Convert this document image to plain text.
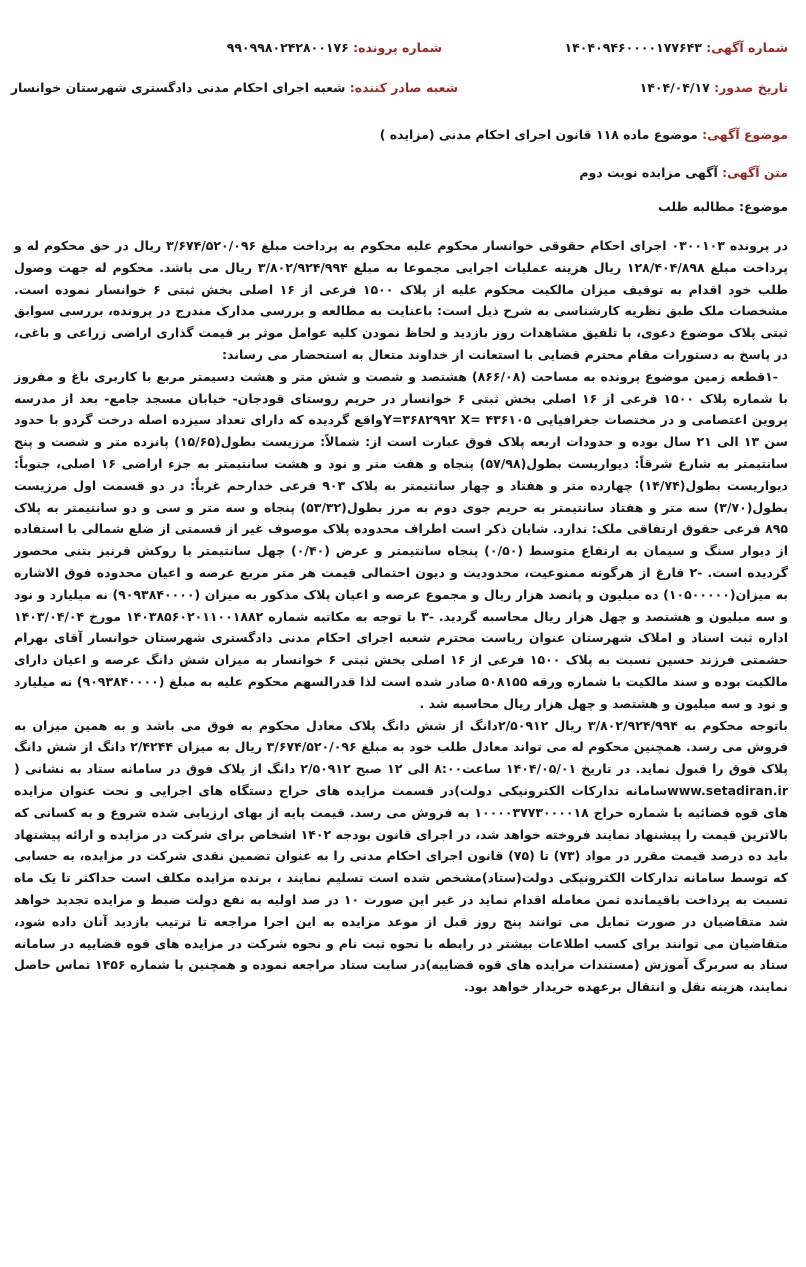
شماره آگهی: ۱۴۰۴۰۹۴۶۰۰۰۰۱۷۷۶۴۳
شماره پرونده: ۹۹۰۹۹۸۰۲۴۲۸۰۰۱۷۶
تاریخ صدور: ۱۴۰۴/۰۴/۱۷
شعبه صادر کننده: شعبه اجرای احکام مدنی دادگستری شهرستان خوانسار
موضوع آگهی: موضوع ماده ۱۱۸ قانون اجرای احکام مدنی (مزایده )
متن آگهی: آگهی مزایده نوبت دوم
موضوع: مطالبه طلب

در پرونده ۰۳۰۰۱۰۳ اجرای احکام حقوقی خوانسار محکوم علیه محکوم به پرداخت مبلغ ۳/۶۷۴/۵۲۰/۰۹۶ ریال در حق محکوم له و پرداخت مبلغ ۱۲۸/۴۰۴/۸۹۸ ریال هزینه عملیات اجرایی مجموعا به مبلغ ۳/۸۰۲/۹۲۴/۹۹۴ ریال می باشد. محکوم له جهت وصول طلب خود اقدام به توقیف میزان مالکیت محکوم علیه از پلاک ۱۵۰۰ فرعی از ۱۶ اصلی بخش ثبتی ۶ خوانسار نموده است. مشخصات ملک طبق نظریه کارشناسی به شرح ذیل است: باعنایت به مطالعه و بررسی مدارک مندرج در پرونده، بررسی سوابق ثبتی پلاک موضوع دعوی، با تلفیق مشاهدات روز بازدید و لحاظ نمودن کلیه عوامل موثر بر قیمت گذاری اراضی زراعی و باغی، در پاسخ به دستورات مقام محترم قضایی با استعانت از خداوند متعال به استحضار می رساند:

-۱قطعه زمین موضوع پرونده به مساحت (۸۶۶/۰۸) هشتصد و شصت و شش متر و هشت دسیمتر مربع با کاربری باغ و مفروز با شماره پلاک ۱۵۰۰ فرعی از ۱۶ اصلی بخش ثبتی ۶ خوانسار در حریم روستای قودجان- خیابان مسجد جامع- بعد از مدرسه پروین اعتصامی و در مختصات جغرافیایی Y=۳۶۸۲۹۹۲ X= ۴۳۶۱۰۵واقع گردیده که دارای تعداد سیزده اصله درخت گردو با حدود سن ۱۳ الی ۲۱ سال بوده و حدودات اربعه پلاک فوق عبارت است از: شمالاً: مرزیست بطول(۱۵/۶۵) پانزده متر و شصت و پنج سانتیمتر به شارع شرقاً: دیواریست بطول(۵۷/۹۸) پنجاه و هفت متر و نود و هشت سانتیمتر به جزء اراضی ۱۶ اصلی، جنوباً: دیواریست بطول(۱۴/۷۴) چهارده متر و هفتاد و چهار سانتیمتر به پلاک ۹۰۳ فرعی خدارحم غرباً: در دو قسمت اول مرزیست بطول(۳/۷۰) سه متر و هفتاد سانتیمتر به حریم جوی دوم به مرز بطول(۵۳/۳۲) پنجاه و سه متر و سی و دو سانتیمتر به پلاک ۸۹۵ فرعی حقوق ارتفاقی ملک: ندارد. شایان ذکر است اطراف محدوده پلاک موصوف غیر از قسمتی از ضلع شمالی با استفاده از دیوار سنگ و سیمان به ارتفاع متوسط (۰/۵۰) پنجاه سانتیمتر و عرض (۰/۴۰) چهل سانتیمتر با روکش قرنیز بتنی محصور گردیده است. -۲ فارغ از هرگونه ممنوعیت، محدودیت و دیون احتمالی قیمت هر متر مربع عرصه و اعیان محدوده فوق الاشاره به میزان(۱۰۵۰۰۰۰۰) ده میلیون و پانصد هزار ریال و مجموع عرصه و اعیان پلاک مذکور به میزان (۹۰۹۳۸۴۰۰۰۰) نه میلیارد و نود و سه میلیون و هشتصد و چهل هزار ریال محاسبه گردید. -۳ با توجه به مکاتبه شماره ۱۴۰۳۸۵۶۰۲۰۱۱۰۰۱۸۸۲ مورخ ۱۴۰۳/۰۴/۰۴ اداره ثبت اسناد و املاک شهرستان عنوان ریاست محترم شعبه اجرای احکام مدنی دادگستری شهرستان خوانسار آقای بهرام حشمتی فرزند حسین نسبت به پلاک ۱۵۰۰ فرعی از ۱۶ اصلی بخش ثبتی ۶ خوانسار به میزان شش دانگ عرصه و اعیان دارای مالکیت بوده و سند مالکیت با شماره ورقه ۵۰۸۱۵۵ صادر شده است لذا قدرالسهم محکوم علیه به مبلغ (۹۰۹۳۸۴۰۰۰۰) نه میلیارد و نود و سه میلیون و هشتصد و چهل هزار ریال محاسبه شد .

باتوجه محکوم به ۳/۸۰۲/۹۲۴/۹۹۴ ریال ۲/۵۰۹۱۲دانگ از شش دانگ پلاک معادل محکوم به فوق می باشد و به همین میزان به فروش می رسد. همچنین محکوم له می تواند معادل طلب خود به مبلغ ۳/۶۷۴/۵۲۰/۰۹۶ ریال به میزان ۲/۴۲۴۴ دانگ از شش دانگ پلاک فوق را قبول نماید. در تاریخ ۱۴۰۴/۰۵/۰۱ ساعت۸:۰۰ الی ۱۲ صبح ۲/۵۰۹۱۲ دانگ از پلاک فوق در سامانه ستاد به نشانی ( www.setadiran.irسامانه تدارکات الکترونیکی دولت)در قسمت مزایده های حراج دستگاه های اجرایی و تحت عنوان مزایده های قوه قضائیه با شماره حراج ۱۰۰۰۰۳۷۷۳۰۰۰۰۱۸ به فروش می رسد. قیمت پایه از بهای ارزیابی شده شروع و به کسانی که بالاترین قیمت را پیشنهاد نمایند فروخته خواهد شد، در اجرای قانون بودجه ۱۴۰۲ اشخاص برای شرکت در مزایده و ارائه پیشنهاد باید ده درصد قیمت مقرر در مواد (۷۳) تا (۷۵) قانون اجرای احکام مدنی را به عنوان تضمین نقدی شرکت در مزایده، به حسابی که توسط سامانه تدارکات الکترونیکی دولت(ستاد)مشخص شده است تسلیم نمایند ، برنده مزایده مکلف است حداکثر تا یک ماه نسبت به پرداخت باقیمانده ثمن معامله اقدام نماید در غیر این صورت ۱۰ در صد اولیه به نفع دولت ضبط و مزایده تجدید خواهد شد متقاضیان در صورت تمایل می توانند پنج روز قبل از موعد مزایده به این اجرا مراجعه تا ترتیب بازدید آنان داده شود، متقاضیان می توانند برای کسب اطلاعات بیشتر در رابطه با نحوه ثبت نام و نحوه شرکت در مزایده های قوه قضاییه در سامانه ستاد به سربرگ آموزش (مستندات مزایده های قوه قضاییه)در سایت ستاد مراجعه نموده و همچنین با شماره ۱۴۵۶ تماس حاصل نمایند، هزینه نقل و انتقال برعهده خریدار خواهد بود.
